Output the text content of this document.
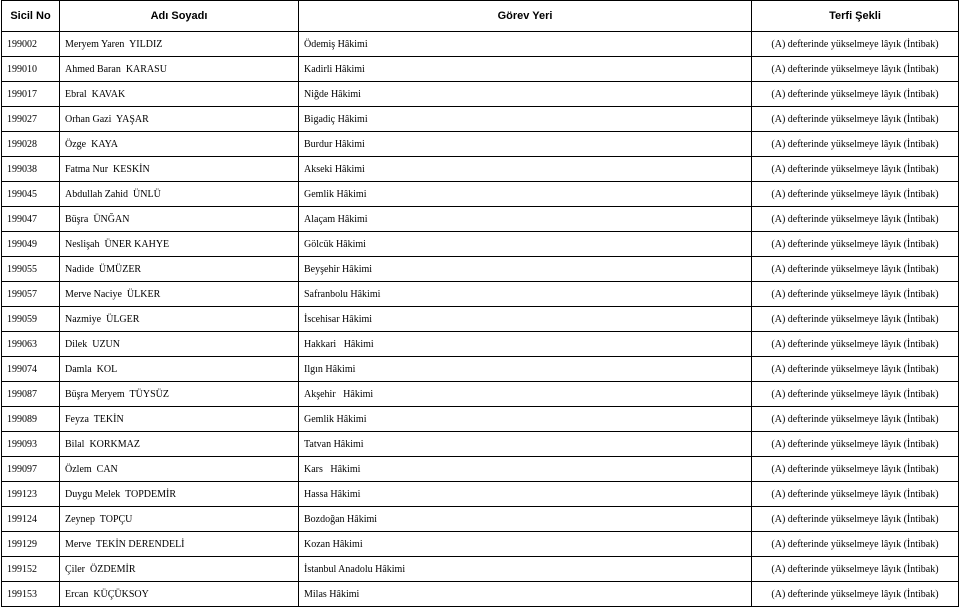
Sicil No	Adı Soyadı	Görev Yeri	Terfi Şekli
199002	Meryem Yaren  YILDIZ	Ödemiş Hâkimi	(A) defterinde yükselmeye lâyık (İntibak)
199010	Ahmed Baran  KARASU	Kadirli Hâkimi	(A) defterinde yükselmeye lâyık (İntibak)
199017	Ebral  KAVAK	Niğde Hâkimi	(A) defterinde yükselmeye lâyık (İntibak)
199027	Orhan Gazi  YAŞAR	Bigadiç Hâkimi	(A) defterinde yükselmeye lâyık (İntibak)
199028	Özge  KAYA	Burdur Hâkimi	(A) defterinde yükselmeye lâyık (İntibak)
199038	Fatma Nur  KESKİN	Akseki Hâkimi	(A) defterinde yükselmeye lâyık (İntibak)
199045	Abdullah Zahid  ÜNLÜ	Gemlik Hâkimi	(A) defterinde yükselmeye lâyık (İntibak)
199047	Büşra  ÜNĞAN	Alaçam Hâkimi	(A) defterinde yükselmeye lâyık (İntibak)
199049	Neslişah  ÜNER KAHYE	Gölcük Hâkimi	(A) defterinde yükselmeye lâyık (İntibak)
199055	Nadide  ÜMÜZER	Beyşehir Hâkimi	(A) defterinde yükselmeye lâyık (İntibak)
199057	Merve Naciye  ÜLKER	Safranbolu Hâkimi	(A) defterinde yükselmeye lâyık (İntibak)
199059	Nazmiye  ÜLGER	İscehisar Hâkimi	(A) defterinde yükselmeye lâyık (İntibak)
199063	Dilek  UZUN	Hakkari   Hâkimi	(A) defterinde yükselmeye lâyık (İntibak)
199074	Damla  KOL	Ilgın Hâkimi	(A) defterinde yükselmeye lâyık (İntibak)
199087	Büşra Meryem  TÜYSÜZ	Akşehir   Hâkimi	(A) defterinde yükselmeye lâyık (İntibak)
199089	Feyza  TEKİN	Gemlik Hâkimi	(A) defterinde yükselmeye lâyık (İntibak)
199093	Bilal  KORKMAZ	Tatvan Hâkimi	(A) defterinde yükselmeye lâyık (İntibak)
199097	Özlem  CAN	Kars   Hâkimi	(A) defterinde yükselmeye lâyık (İntibak)
199123	Duygu Melek  TOPDEMİR	Hassa Hâkimi	(A) defterinde yükselmeye lâyık (İntibak)
199124	Zeynep  TOPÇU	Bozdoğan Hâkimi	(A) defterinde yükselmeye lâyık (İntibak)
199129	Merve  TEKİN DERENDELİ	Kozan Hâkimi	(A) defterinde yükselmeye lâyık (İntibak)
199152	Çiler  ÖZDEMİR	İstanbul Anadolu Hâkimi	(A) defterinde yükselmeye lâyık (İntibak)
199153	Ercan  KÜÇÜKSOY	Milas Hâkimi	(A) defterinde yükselmeye lâyık (İntibak)
